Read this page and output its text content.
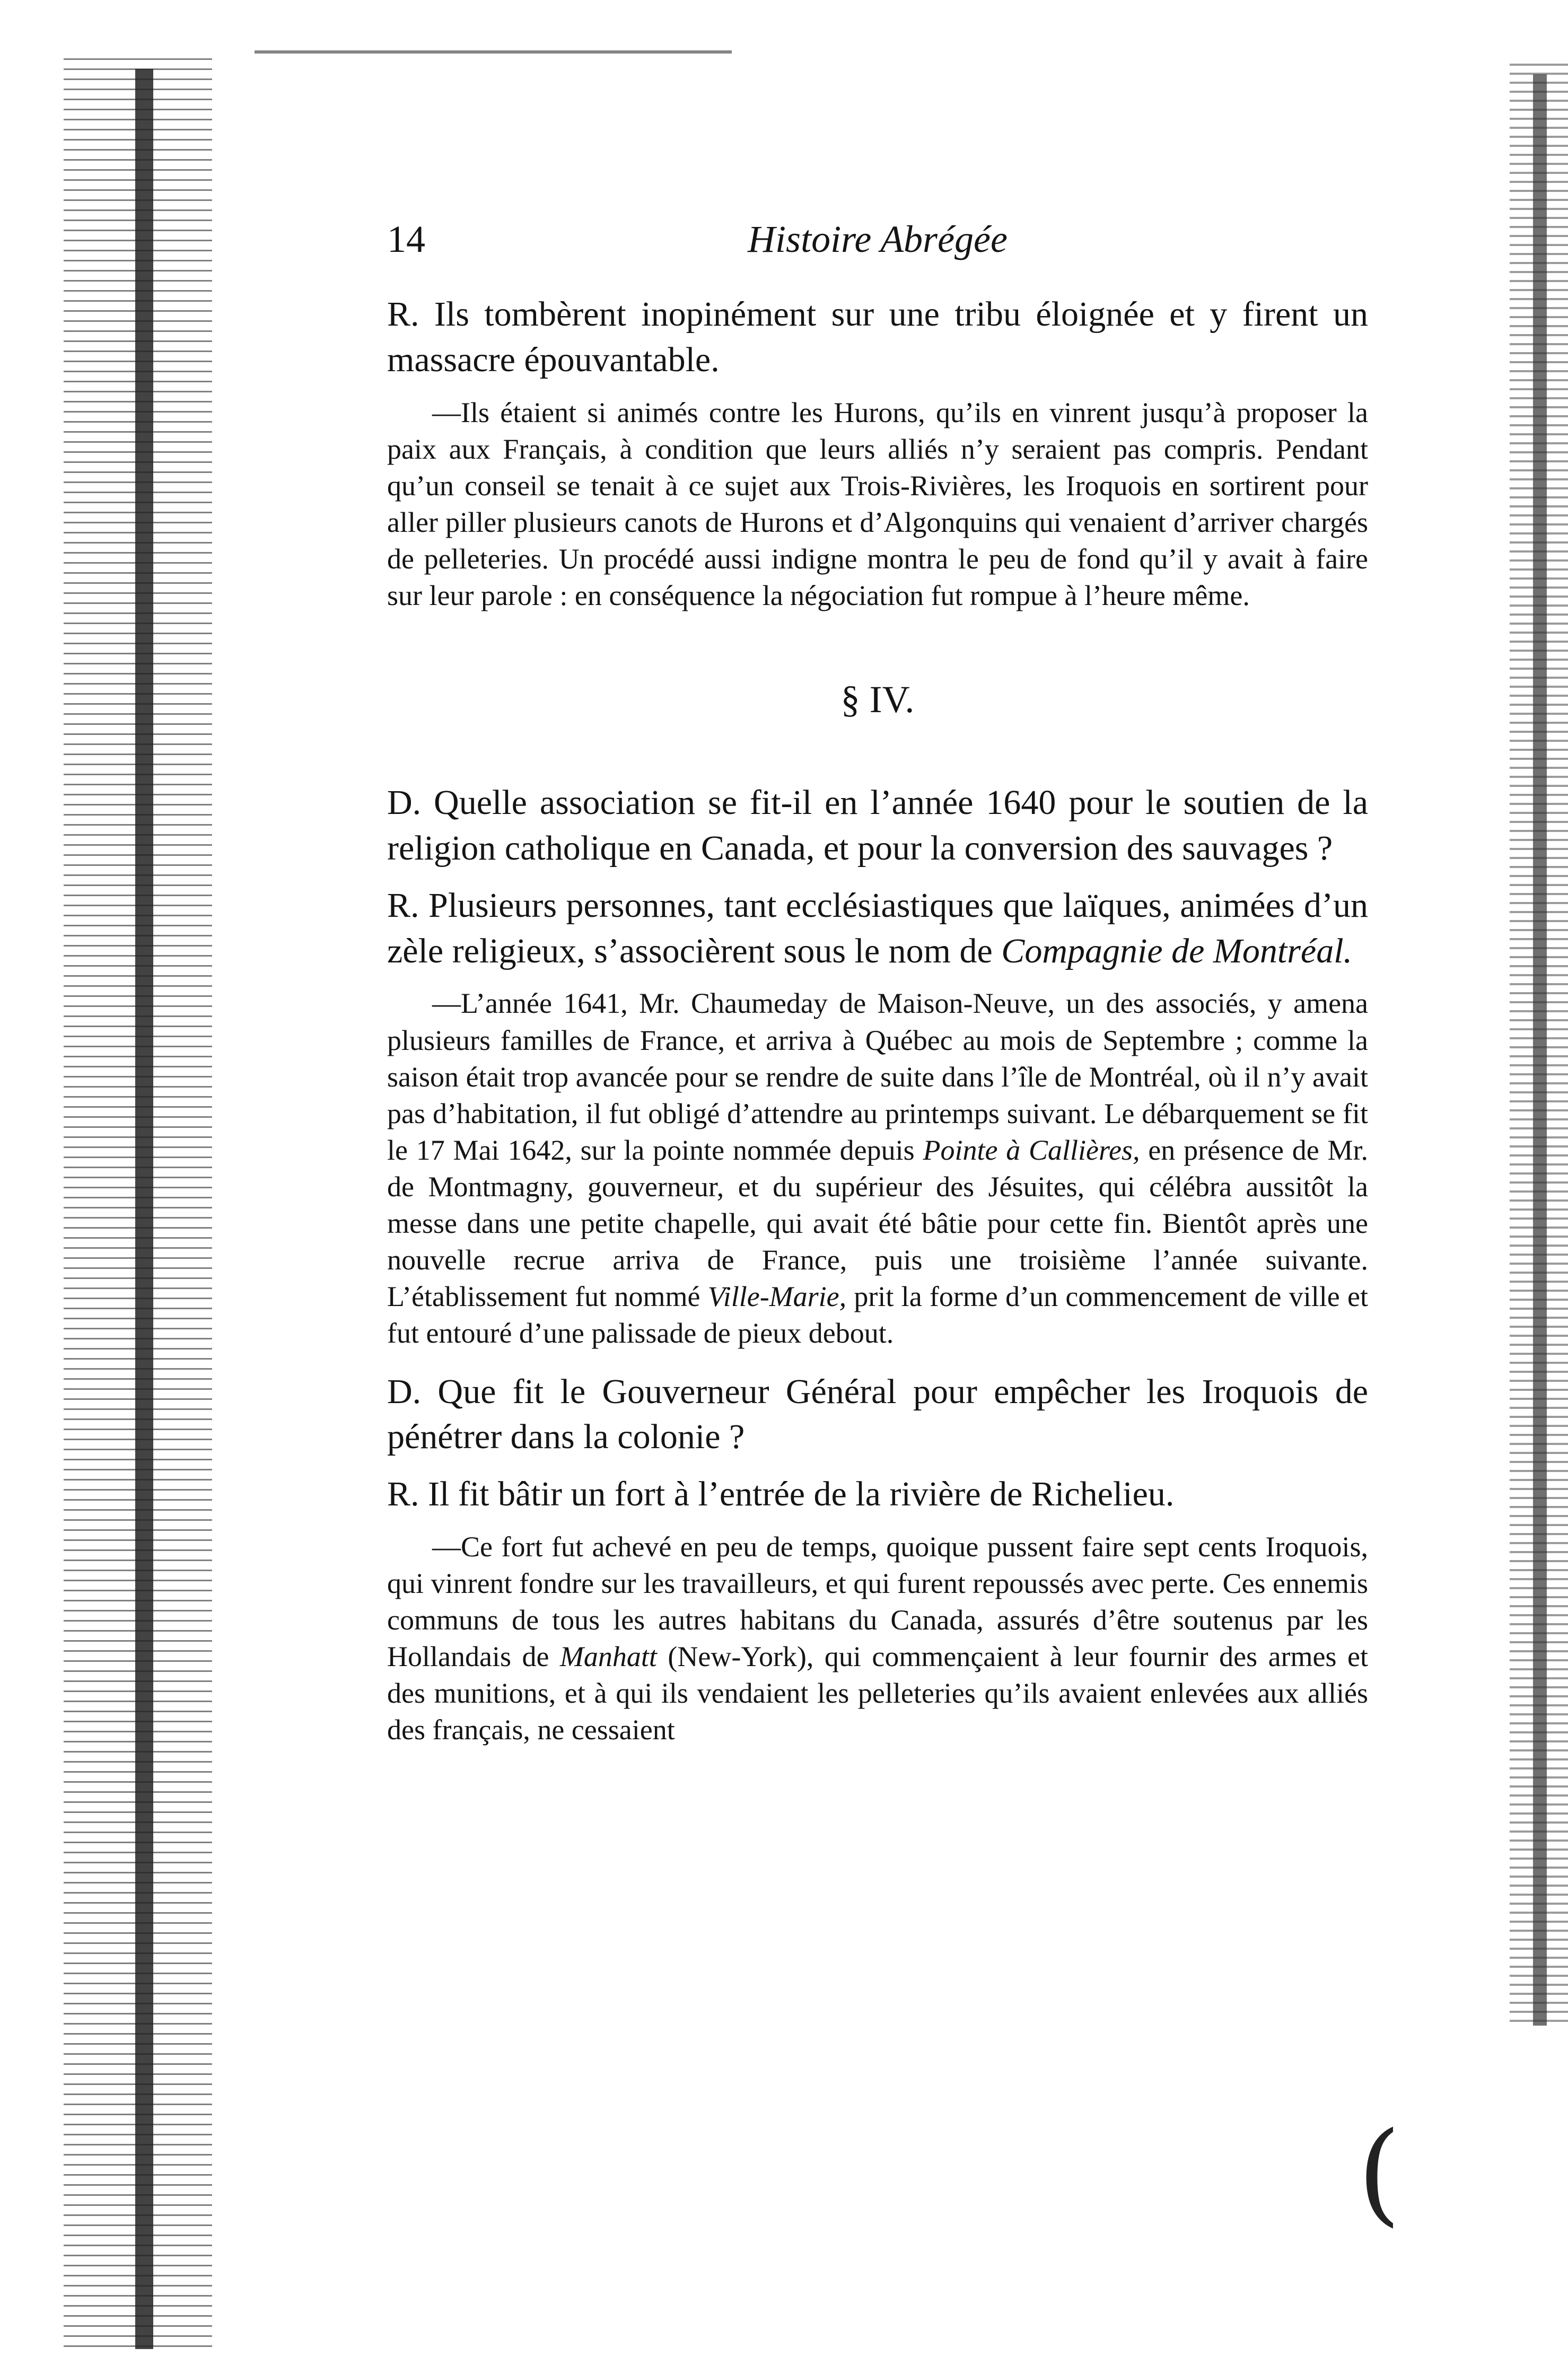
14	Histoire Abrégée

R. Ils tombèrent inopinément sur une tribu éloignée et y firent un massacre épouvantable.

—Ils étaient si animés contre les Hurons, qu’ils en vinrent jusqu’à proposer la paix aux Français, à condition que leurs alliés n’y seraient pas compris. Pendant qu’un conseil se tenait à ce sujet aux Trois-Rivières, les Iroquois en sortirent pour aller piller plusieurs canots de Hurons et d’Algonquins qui venaient d’arriver chargés de pelleteries. Un procédé aussi indigne montra le peu de fond qu’il y avait à faire sur leur parole : en conséquence la négociation fut rompue à l’heure même.

§ IV.

D. Quelle association se fit-il en l’année 1640 pour le soutien de la religion catholique en Canada, et pour la conversion des sauvages ?

R. Plusieurs personnes, tant ecclésiastiques que laïques, animées d’un zèle religieux, s’associèrent sous le nom de Compagnie de Montréal.

—L’année 1641, Mr. Chaumeday de Maison-Neuve, un des associés, y amena plusieurs familles de France, et arriva à Québec au mois de Septembre ; comme la saison était trop avancée pour se rendre de suite dans l’île de Montréal, où il n’y avait pas d’habitation, il fut obligé d’attendre au printemps suivant. Le débarquement se fit le 17 Mai 1642, sur la pointe nommée depuis Pointe à Callières, en présence de Mr. de Montmagny, gouverneur, et du supérieur des Jésuites, qui célébra aussitôt la messe dans une petite chapelle, qui avait été bâtie pour cette fin. Bientôt après une nouvelle recrue arriva de France, puis une troisième l’année suivante. L’établissement fut nommé Ville-Marie, prit la forme d’un commencement de ville et fut entouré d’une palissade de pieux debout.

D. Que fit le Gouverneur Général pour empêcher les Iroquois de pénétrer dans la colonie ?

R. Il fit bâtir un fort à l’entrée de la rivière de Richelieu.

—Ce fort fut achevé en peu de temps, quoique pussent faire sept cents Iroquois, qui vinrent fondre sur les travailleurs, et qui furent repoussés avec perte. Ces ennemis communs de tous les autres habitans du Canada, assurés d’être soutenus par les Hollandais de Manhatt (New-York), qui commençaient à leur fournir des armes et des munitions, et à qui ils vendaient les pelleteries qu’ils avaient enlevées aux alliés des français, ne cessaient

(
